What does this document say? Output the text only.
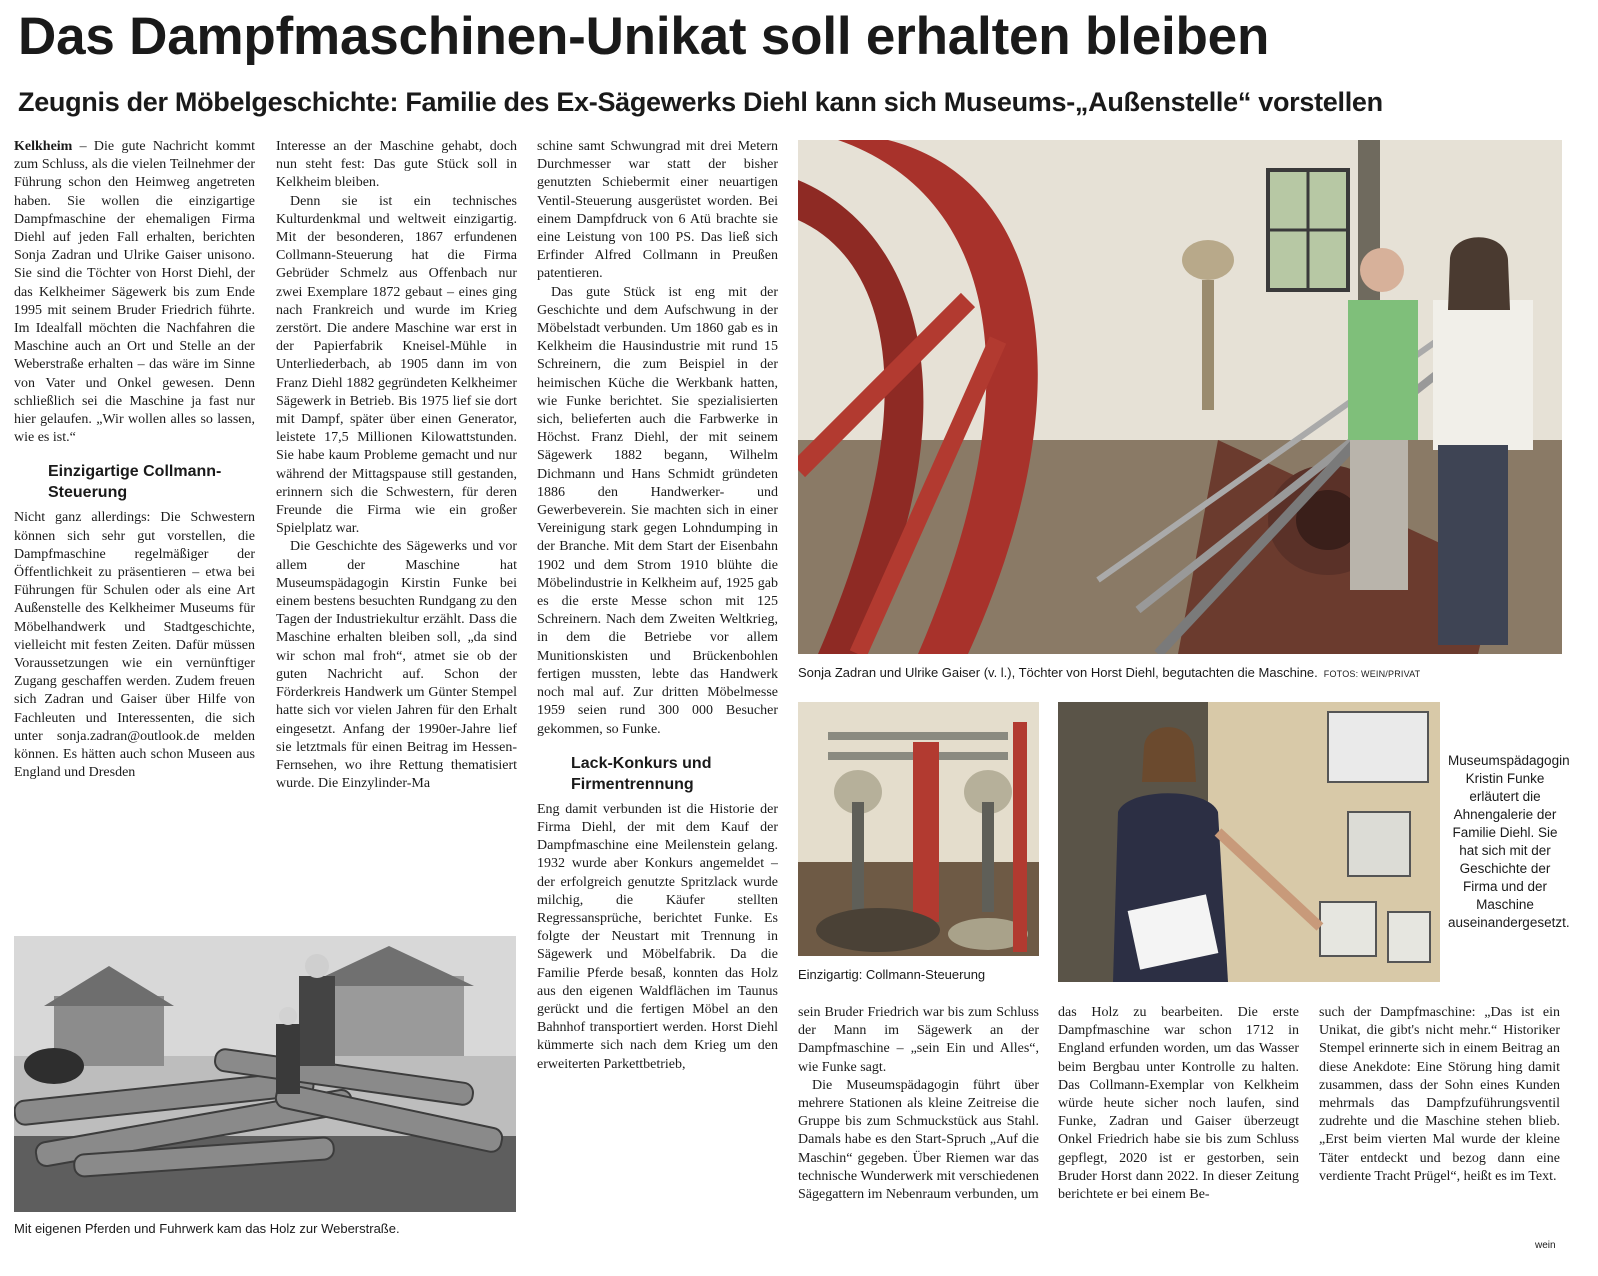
Das Dampfmaschinen-Unikat soll erhalten bleiben
Zeugnis der Möbelgeschichte: Familie des Ex-Sägewerks Diehl kann sich Museums-„Außenstelle“ vorstellen

Kelkheim – Die gute Nachricht kommt zum Schluss, als die vielen Teilnehmer der Führung schon den Heimweg angetreten haben. Sie wollen die einzigartige Dampfmaschine der ehemaligen Firma Diehl auf jeden Fall erhalten, berichten Sonja Zadran und Ulrike Gaiser unisono. Sie sind die Töchter von Horst Diehl, der das Kelkheimer Sägewerk bis zum Ende 1995 mit seinem Bruder Friedrich führte. Im Idealfall möchten die Nachfahren die Maschine auch an Ort und Stelle an der Weberstraße erhalten – das wäre im Sinne von Vater und Onkel gewesen. Denn schließlich sei die Maschine ja fast nur hier gelaufen. „Wir wollen alles so lassen, wie es ist.“

Einzigartige Collmann-Steuerung

Nicht ganz allerdings: Die Schwestern können sich sehr gut vorstellen, die Dampfmaschine regelmäßiger der Öffentlichkeit zu präsentieren – etwa bei Führungen für Schulen oder als eine Art Außenstelle des Kelkheimer Museums für Möbelhandwerk und Stadtgeschichte, vielleicht mit festen Zeiten. Dafür müssen Voraussetzungen wie ein vernünftiger Zugang geschaffen werden. Zudem freuen sich Zadran und Gaiser über Hilfe von Fachleuten und Interessenten, die sich unter sonja.zadran@outlook.de melden können. Es hätten auch schon Museen aus England und Dresden

Interesse an der Maschine gehabt, doch nun steht fest: Das gute Stück soll in Kelkheim bleiben.

Denn sie ist ein technisches Kulturdenkmal und weltweit einzigartig. Mit der besonderen, 1867 erfundenen Collmann-Steuerung hat die Firma Gebrüder Schmelz aus Offenbach nur zwei Exemplare 1872 gebaut – eines ging nach Frankreich und wurde im Krieg zerstört. Die andere Maschine war erst in der Papierfabrik Kneisel-Mühle in Unterliederbach, ab 1905 dann im von Franz Diehl 1882 gegründeten Kelkheimer Sägewerk in Betrieb. Bis 1975 lief sie dort mit Dampf, später über einen Generator, leistete 17,5 Millionen Kilowattstunden. Sie habe kaum Probleme gemacht und nur während der Mittagspause still gestanden, erinnern sich die Schwestern, für deren Freunde die Firma wie ein großer Spielplatz war.

Die Geschichte des Sägewerks und vor allem der Maschine hat Museumspädagogin Kirstin Funke bei einem bestens besuchten Rundgang zu den Tagen der Industriekultur erzählt. Dass die Maschine erhalten bleiben soll, „da sind wir schon mal froh“, atmet sie ob der guten Nachricht auf. Schon der Förderkreis Handwerk um Günter Stempel hatte sich vor vielen Jahren für den Erhalt eingesetzt. Anfang der 1990er-Jahre lief sie letztmals für einen Beitrag im Hessen-Fernsehen, wo ihre Rettung thematisiert wurde. Die Einzylinder-Ma

schine samt Schwungrad mit drei Metern Durchmesser war statt der bisher genutzten Schiebermit einer neuartigen Ventil-Steuerung ausgerüstet worden. Bei einem Dampfdruck von 6 Atü brachte sie eine Leistung von 100 PS. Das ließ sich Erfinder Alfred Collmann in Preußen patentieren.

Das gute Stück ist eng mit der Geschichte und dem Aufschwung in der Möbelstadt verbunden. Um 1860 gab es in Kelkheim die Hausindustrie mit rund 15 Schreinern, die zum Beispiel in der heimischen Küche die Werkbank hatten, wie Funke berichtet. Sie spezialisierten sich, belieferten auch die Farbwerke in Höchst. Franz Diehl, der mit seinem Sägewerk 1882 begann, Wilhelm Dichmann und Hans Schmidt gründeten 1886 den Handwerker- und Gewerbeverein. Sie machten sich in einer Vereinigung stark gegen Lohndumping in der Branche. Mit dem Start der Eisenbahn 1902 und dem Strom 1910 blühte die Möbelindustrie in Kelkheim auf, 1925 gab es die erste Messe schon mit 125 Schreinern. Nach dem Zweiten Weltkrieg, in dem die Betriebe vor allem Munitionskisten und Brückenbohlen fertigen mussten, lebte das Handwerk noch mal auf. Zur dritten Möbelmesse 1959 seien rund 300 000 Besucher gekommen, so Funke.

Lack-Konkurs und Firmentrennung

Eng damit verbunden ist die Historie der Firma Diehl, der mit dem Kauf der Dampfmaschine eine Meilenstein gelang. 1932 wurde aber Konkurs angemeldet – der erfolgreich genutzte Spritzlack wurde milchig, die Käufer stellten Regressansprüche, berichtet Funke. Es folgte der Neustart mit Trennung in Sägewerk und Möbelfabrik. Da die Familie Pferde besaß, konnten das Holz aus den eigenen Waldflächen im Taunus gerückt und die fertigen Möbel an den Bahnhof transportiert werden. Horst Diehl kümmerte sich nach dem Krieg um den erweiterten Parkettbetrieb,

sein Bruder Friedrich war bis zum Schluss der Mann im Sägewerk an der Dampfmaschine – „sein Ein und Alles“, wie Funke sagt.

Die Museumspädagogin führt über mehrere Stationen als kleine Zeitreise die Gruppe bis zum Schmuckstück aus Stahl. Damals habe es den Start-Spruch „Auf die Maschin“ gegeben. Über Riemen war das technische Wunderwerk mit verschiedenen Sägegattern im Nebenraum verbunden, um

das Holz zu bearbeiten. Die erste Dampfmaschine war schon 1712 in England erfunden worden, um das Wasser beim Bergbau unter Kontrolle zu halten. Das Collmann-Exemplar von Kelkheim würde heute sicher noch laufen, sind Funke, Zadran und Gaiser überzeugt Onkel Friedrich habe sie bis zum Schluss gepflegt, 2020 ist er gestorben, sein Bruder Horst dann 2022. In dieser Zeitung berichtete er bei einem Be-

such der Dampfmaschine: „Das ist ein Unikat, die gibt's nicht mehr.“ Historiker Stempel erinnerte sich in einem Beitrag an diese Anekdote: Eine Störung hing damit zusammen, dass der Sohn eines Kunden mehrmals das Dampfzuführungsventil zudrehte und die Maschine stehen blieb. „Erst beim vierten Mal wurde der kleine Täter entdeckt und bezog dann eine verdiente Tracht Prügel“, heißt es im Text.

wein
Sonja Zadran und Ulrike Gaiser (v. l.), Töchter von Horst Diehl, begutachten die Maschine. FOTOS: WEIN/PRIVAT
Einzigartig: Collmann-Steuerung
Museumspädagogin Kristin Funke erläutert die Ahnengalerie der Familie Diehl. Sie hat sich mit der Geschichte der Firma und der Maschine auseinandergesetzt.
Mit eigenen Pferden und Fuhrwerk kam das Holz zur Weberstraße.
